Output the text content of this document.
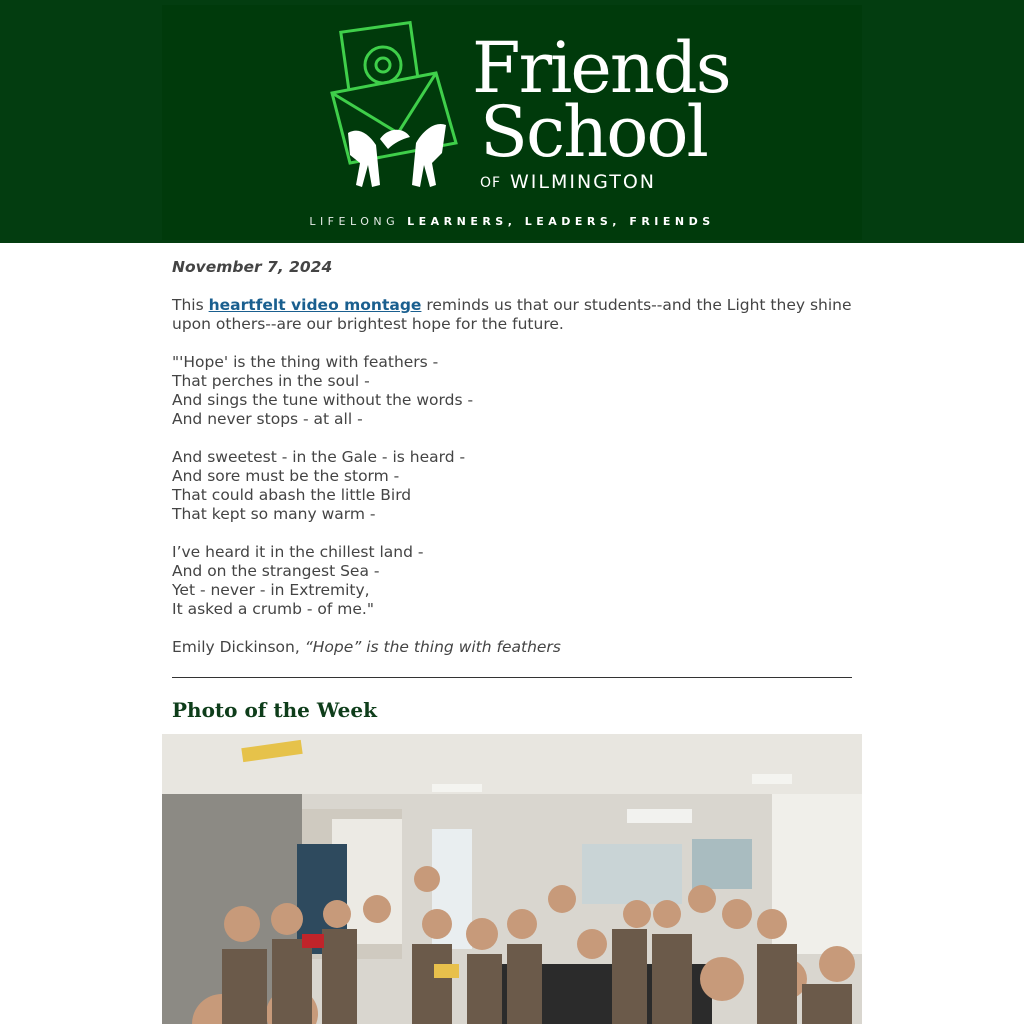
Friends
School
OF WILMINGTON
LIFELONG LEARNERS, LEADERS, FRIENDS
November 7, 2024
This heartfelt video montage reminds us that our students--and the Light they shine upon others--are our brightest hope for the future.
"'Hope' is the thing with feathers -
That perches in the soul -
And sings the tune without the words -
And never stops - at all -
And sweetest - in the Gale - is heard -
And sore must be the storm -
That could abash the little Bird
That kept so many warm -
I’ve heard it in the chillest land -
And on the strangest Sea -
Yet - never - in Extremity,
It asked a crumb - of me."
Emily Dickinson, “Hope” is the thing with feathers
Photo of the Week
